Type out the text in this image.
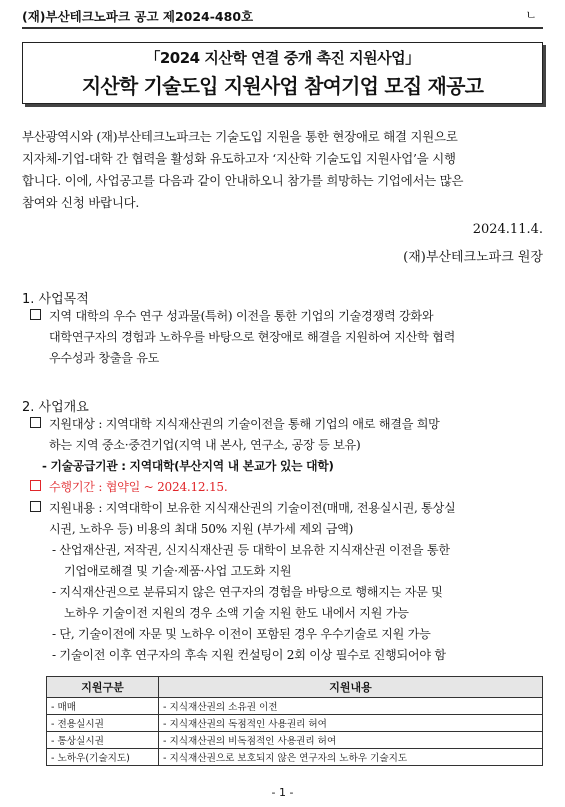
(재)부산테크노파크 공고 제2024-480호	ㄴ
「2024 지산학 연결 중개 촉진 지원사업」
지산학 기술도입 지원사업 참여기업 모집 재공고
부산광역시와 (재)부산테크노파크는 기술도입 지원을 통한 현장애로 해결 지원으로
지자체-기업-대학 간 협력을 활성화 유도하고자 ‘지산학 기술도입 지원사업’을 시행
합니다. 이에, 사업공고를 다음과 같이 안내하오니 참가를 희망하는 기업에서는 많은
참여와 신청 바랍니다.
2024.11.4.
(재)부산테크노파크 원장
1. 사업목적
지역 대학의 우수 연구 성과물(특허) 이전을 통한 기업의 기술경쟁력 강화와
대학연구자의 경험과 노하우를 바탕으로 현장애로 해결을 지원하여 지산학 협력
우수성과 창출을 유도
2. 사업개요
지원대상 : 지역대학 지식재산권의 기술이전을 통해 기업의 애로 해결을 희망
하는 지역 중소·중견기업(지역 내 본사, 연구소, 공장 등 보유)
- 기술공급기관 : 지역대학(부산지역 내 본교가 있는 대학)
수행기간 : 협약일 ~ 2024.12.15.
지원내용 : 지역대학이 보유한 지식재산권의 기술이전(매매, 전용실시권, 통상실
시권, 노하우 등) 비용의 최대 50% 지원 (부가세 제외 금액)
- 산업재산권, 저작권, 신지식재산권 등 대학이 보유한 지식재산권 이전을 통한
기업애로해결 및 기술·제품·사업 고도화 지원
- 지식재산권으로 분류되지 않은 연구자의 경험을 바탕으로 행해지는 자문 및
노하우 기술이전 지원의 경우 소액 기술 지원 한도 내에서 지원 가능
- 단, 기술이전에 자문 및 노하우 이전이 포함된 경우 우수기술로 지원 가능
- 기술이전 이후 연구자의 후속 지원 컨설팅이 2회 이상 필수로 진행되어야 함
지원구분	지원내용
- 매매	- 지식재산권의 소유권 이전
- 전용실시권	- 지식재산권의 독점적인 사용권리 허여
- 통상실시권	- 지식재산권의 비독점적인 사용권리 허여
- 노하우(기술지도)	- 지식재산권으로 보호되지 않은 연구자의 노하우 기술지도
- 1 -
